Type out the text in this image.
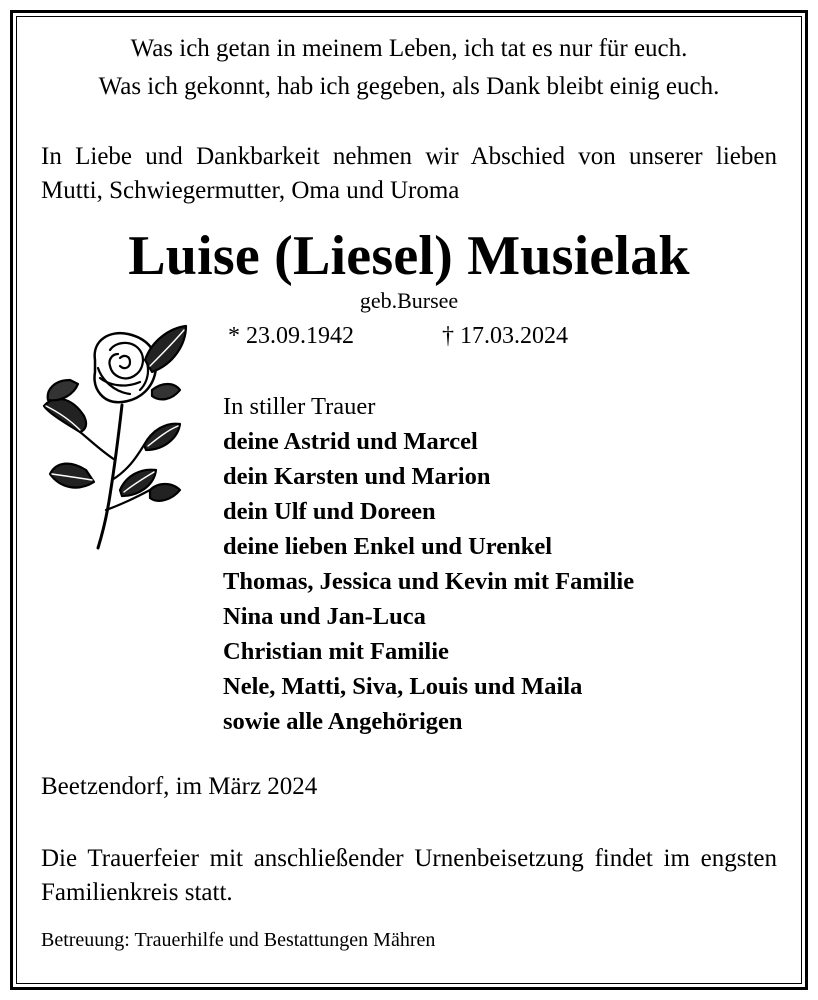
Was ich getan in meinem Leben, ich tat es nur für euch.
Was ich gekonnt, hab ich gegeben, als Dank bleibt einig euch.
In Liebe und Dankbarkeit nehmen wir Abschied von unserer lieben Mutti, Schwiegermutter, Oma und Uroma
Luise (Liesel) Musielak
geb.Bursee
* 23.09.1942	† 17.03.2024
In stiller Trauer
deine Astrid und Marcel
dein Karsten und Marion
dein Ulf und Doreen
deine lieben Enkel und Urenkel
Thomas, Jessica und Kevin mit Familie
Nina und Jan-Luca
Christian mit Familie
Nele, Matti, Siva, Louis und Maila
sowie alle Angehörigen
Beetzendorf, im März 2024
Die Trauerfeier mit anschließender Urnenbeisetzung findet im engsten Familienkreis statt.
Betreuung: Trauerhilfe und Bestattungen Mähren
